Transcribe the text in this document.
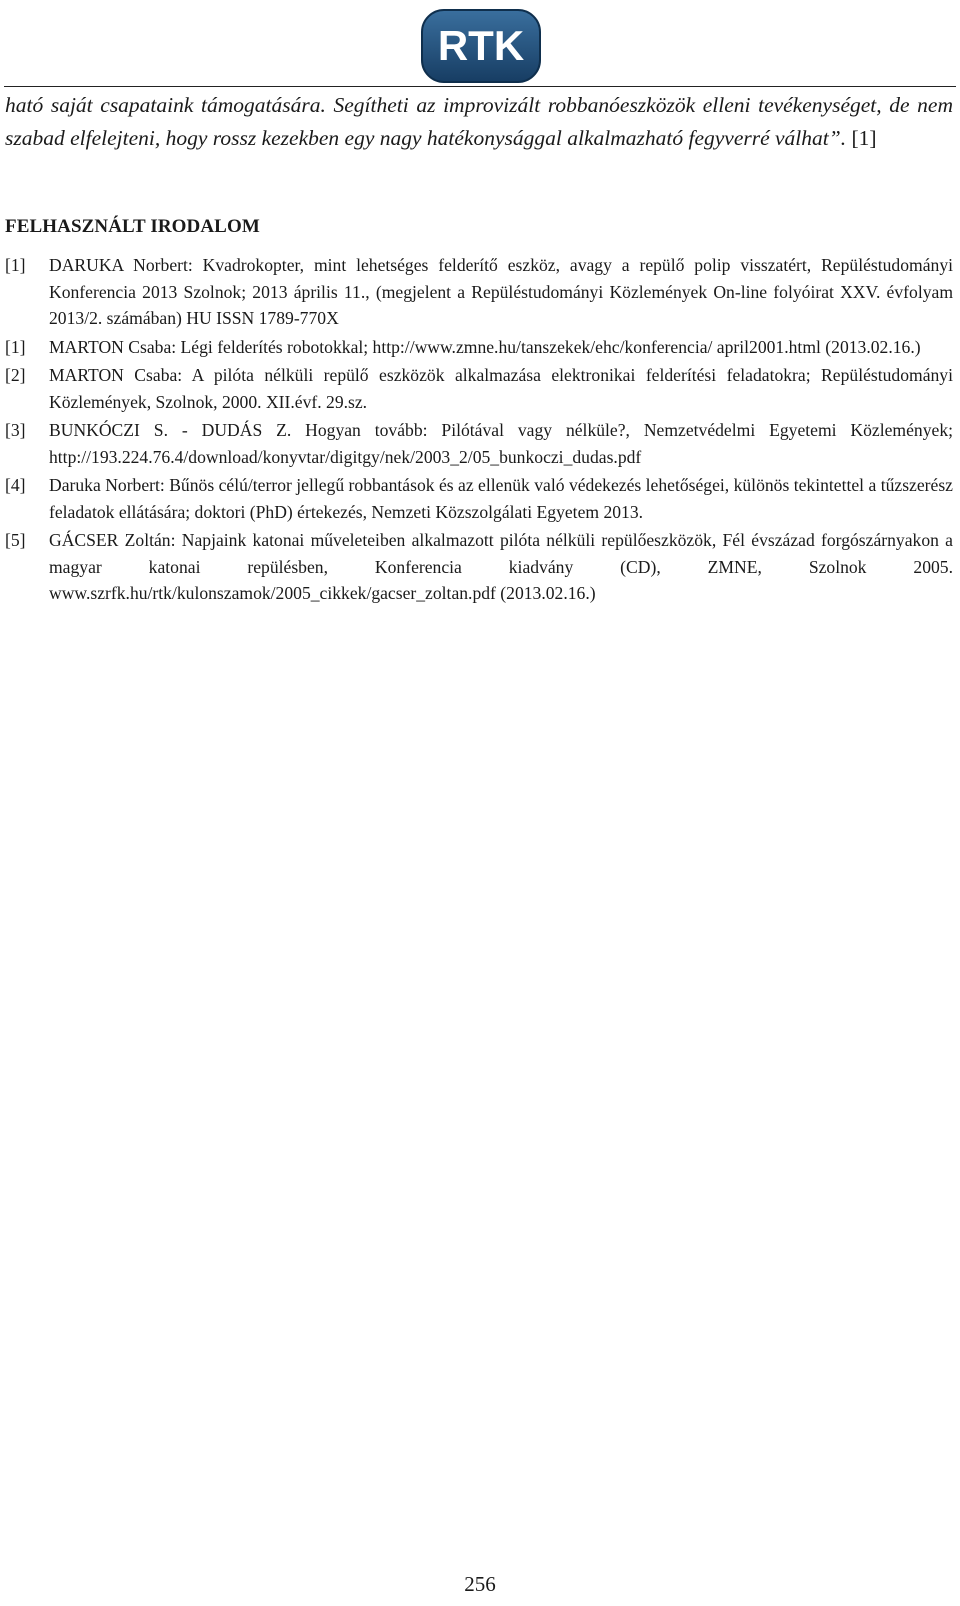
RTK

ható saját csapataink támogatására. Segítheti az improvizált robbanóeszközök elleni tevékenységet, de nem szabad elfelejteni, hogy rossz kezekben egy nagy hatékonysággal alkalmazható fegyverré válhat”. [1]

FELHASZNÁLT IRODALOM
[1] DARUKA Norbert: Kvadrokopter, mint lehetséges felderítő eszköz, avagy a repülő polip visszatért, Repüléstudományi Konferencia 2013 Szolnok; 2013 április 11., (megjelent a Repüléstudományi Közlemények On-line folyóirat XXV. évfolyam 2013/2. számában) HU ISSN 1789-770X
[1] MARTON Csaba: Légi felderítés robotokkal; http://www.zmne.hu/tanszekek/ehc/konferencia/ april2001.html (2013.02.16.)
[2] MARTON Csaba: A pilóta nélküli repülő eszközök alkalmazása elektronikai felderítési feladatokra; Repüléstudományi Közlemények, Szolnok, 2000. XII.évf. 29.sz.
[3] BUNKÓCZI S. - DUDÁS Z. Hogyan tovább: Pilótával vagy nélküle?, Nemzetvédelmi Egyetemi Közlemények; http://193.224.76.4/download/konyvtar/digitgy/nek/2003_2/05_bunkoczi_dudas.pdf
[4] Daruka Norbert: Bűnös célú/terror jellegű robbantások és az ellenük való védekezés lehetőségei, különös tekintettel a tűzszerész feladatok ellátására; doktori (PhD) értekezés, Nemzeti Közszolgálati Egyetem 2013.
[5] GÁCSER Zoltán: Napjaink katonai műveleteiben alkalmazott pilóta nélküli repülőeszközök, Fél évszázad forgószárnyakon a magyar katonai repülésben, Konferencia kiadvány (CD), ZMNE, Szolnok 2005. www.szrfk.hu/rtk/kulonszamok/2005_cikkek/gacser_zoltan.pdf (2013.02.16.)
256
